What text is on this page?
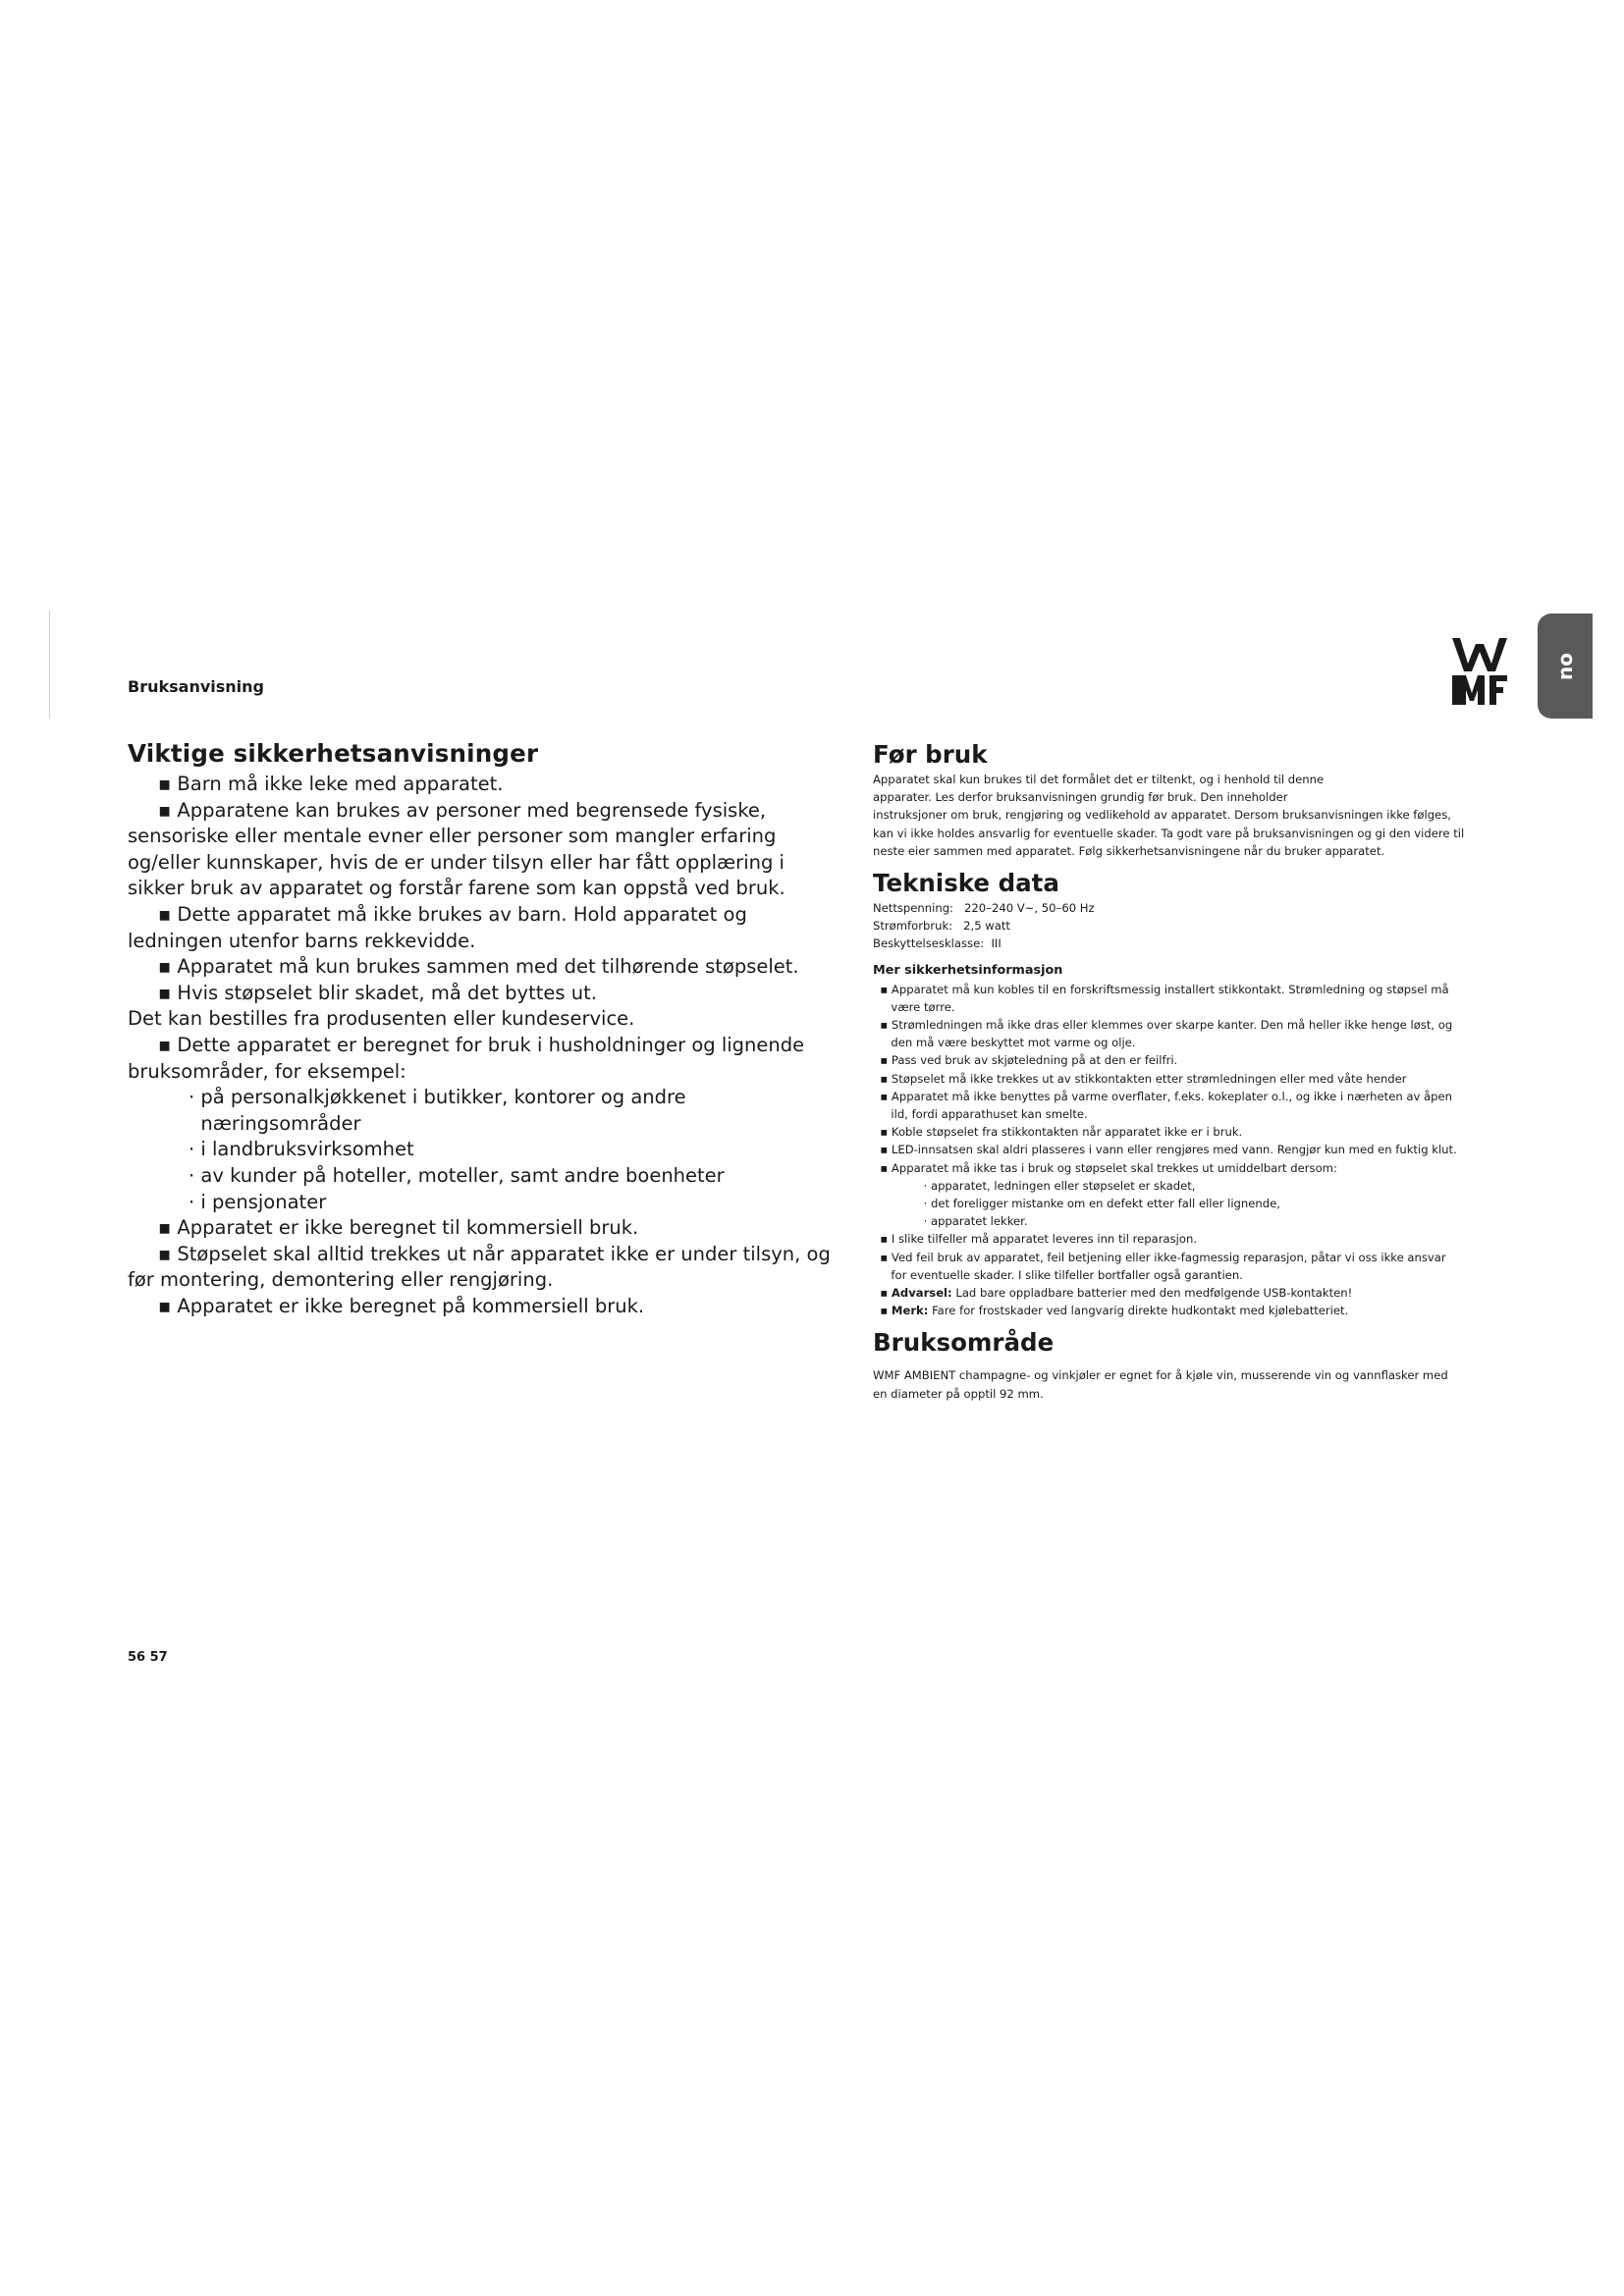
Bruksanvisning
no
Viktige sikkerhetsanvisninger
▪ Barn må ikke leke med apparatet.
▪ Apparatene kan brukes av personer med begrensede fysiske,
sensoriske eller mentale evner eller personer som mangler erfaring
og/eller kunnskaper, hvis de er under tilsyn eller har fått opplæring i
sikker bruk av apparatet og forstår farene som kan oppstå ved bruk.
▪ Dette apparatet må ikke brukes av barn. Hold apparatet og
ledningen utenfor barns rekkevidde.
▪ Apparatet må kun brukes sammen med det tilhørende støpselet.
▪ Hvis støpselet blir skadet, må det byttes ut.
Det kan bestilles fra produsenten eller kundeservice.
▪ Dette apparatet er beregnet for bruk i husholdninger og lignende
bruksområder, for eksempel:
· på personalkjøkkenet i butikker, kontorer og andre
næringsområder
· i landbruksvirksomhet
· av kunder på hoteller, moteller, samt andre boenheter
· i pensjonater
▪ Apparatet er ikke beregnet til kommersiell bruk.
▪ Støpselet skal alltid trekkes ut når apparatet ikke er under tilsyn, og
før montering, demontering eller rengjøring.
▪ Apparatet er ikke beregnet på kommersiell bruk.
Før bruk
Apparatet skal kun brukes til det formålet det er tiltenkt, og i henhold til denne
apparater. Les derfor bruksanvisningen grundig før bruk. Den inneholder
instruksjoner om bruk, rengjøring og vedlikehold av apparatet. Dersom bruksanvisningen ikke følges,
kan vi ikke holdes ansvarlig for eventuelle skader. Ta godt vare på bruksanvisningen og gi den videre til
neste eier sammen med apparatet. Følg sikkerhetsanvisningene når du bruker apparatet.
Tekniske data
Nettspenning:   220–240 V~, 50–60 Hz
Strømforbruk:   2,5 watt
Beskyttelsesklasse:  III
Mer sikkerhetsinformasjon
▪ Apparatet må kun kobles til en forskriftsmessig installert stikkontakt. Strømledning og støpsel må
være tørre.
▪ Strømledningen må ikke dras eller klemmes over skarpe kanter. Den må heller ikke henge løst, og
den må være beskyttet mot varme og olje.
▪ Pass ved bruk av skjøteledning på at den er feilfri.
▪ Støpselet må ikke trekkes ut av stikkontakten etter strømledningen eller med våte hender
▪ Apparatet må ikke benyttes på varme overflater, f.eks. kokeplater o.l., og ikke i nærheten av åpen
ild, fordi apparathuset kan smelte.
▪ Koble støpselet fra stikkontakten når apparatet ikke er i bruk.
▪ LED-innsatsen skal aldri plasseres i vann eller rengjøres med vann. Rengjør kun med en fuktig klut.
▪ Apparatet må ikke tas i bruk og støpselet skal trekkes ut umiddelbart dersom:
· apparatet, ledningen eller støpselet er skadet,
· det foreligger mistanke om en defekt etter fall eller lignende,
· apparatet lekker.
▪ I slike tilfeller må apparatet leveres inn til reparasjon.
▪ Ved feil bruk av apparatet, feil betjening eller ikke-fagmessig reparasjon, påtar vi oss ikke ansvar
for eventuelle skader. I slike tilfeller bortfaller også garantien.
▪ Advarsel: Lad bare oppladbare batterier med den medfølgende USB-kontakten!
▪ Merk: Fare for frostskader ved langvarig direkte hudkontakt med kjølebatteriet.
Bruksområde
WMF AMBIENT champagne- og vinkjøler er egnet for å kjøle vin, musserende vin og vannflasker med
en diameter på opptil 92 mm.
56 57
